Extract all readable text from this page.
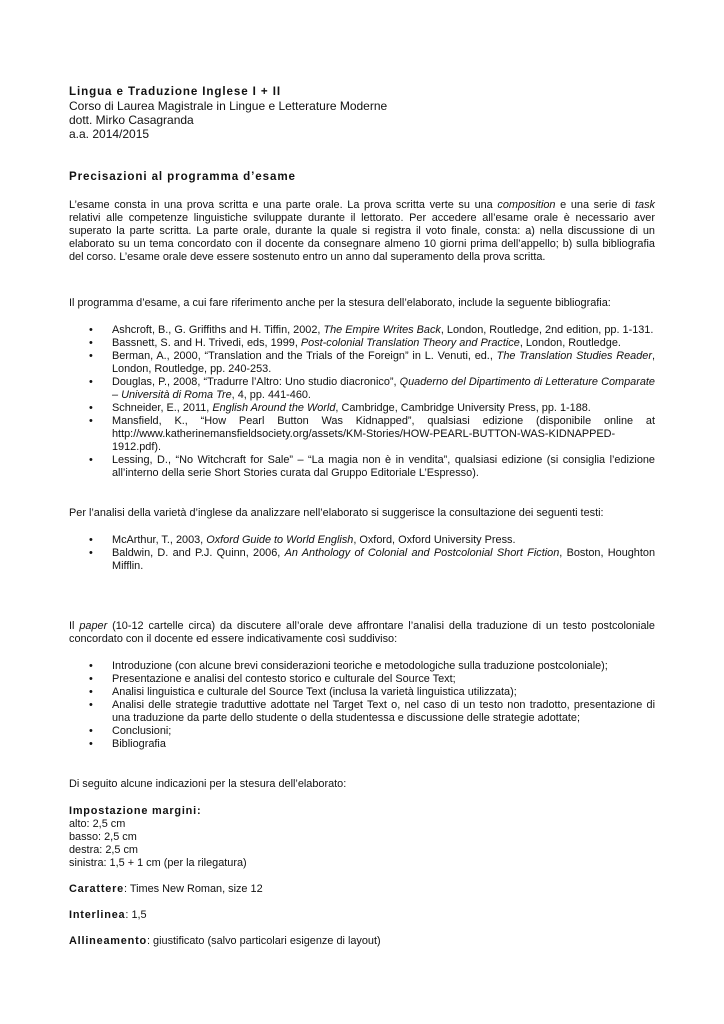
Lingua e Traduzione Inglese I + II
Corso di Laurea Magistrale in Lingue e Letterature Moderne
dott. Mirko Casagranda
a.a. 2014/2015
Precisazioni al programma d’esame

L’esame consta in una prova scritta e una parte orale. La prova scritta verte su una composition e una serie di task relativi alle competenze linguistiche sviluppate durante il lettorato. Per accedere all’esame orale è necessario aver superato la parte scritta. La parte orale, durante la quale si registra il voto finale, consta: a) nella discussione di un elaborato su un tema concordato con il docente da consegnare almeno 10 giorni prima dell’appello; b) sulla bibliografia del corso. L’esame orale deve essere sostenuto entro un anno dal superamento della prova scritta.

Il programma d’esame, a cui fare riferimento anche per la stesura dell’elaborato, include la seguente bibliografia:

• Ashcroft, B., G. Griffiths and H. Tiffin, 2002, The Empire Writes Back, London, Routledge, 2nd edition, pp. 1-131.
• Bassnett, S. and H. Trivedi, eds, 1999, Post-colonial Translation Theory and Practice, London, Routledge.
• Berman, A., 2000, “Translation and the Trials of the Foreign” in L. Venuti, ed., The Translation Studies Reader, London, Routledge, pp. 240-253.
• Douglas, P., 2008, “Tradurre l’Altro: Uno studio diacronico”, Quaderno del Dipartimento di Letterature Comparate – Università di Roma Tre, 4, pp. 441-460.
• Schneider, E., 2011, English Around the World, Cambridge, Cambridge University Press, pp. 1-188.
• Mansfield, K., “How Pearl Button Was Kidnapped”, qualsiasi edizione (disponibile online at http://www.katherinemansfieldsociety.org/assets/KM-Stories/HOW-PEARL-BUTTON-WAS-KIDNAPPED-1912.pdf).
• Lessing, D., “No Witchcraft for Sale” – “La magia non è in vendita”, qualsiasi edizione (si consiglia l’edizione all’interno della serie Short Stories curata dal Gruppo Editoriale L’Espresso).

Per l’analisi della varietà d’inglese da analizzare nell’elaborato si suggerisce la consultazione dei seguenti testi:

• McArthur, T., 2003, Oxford Guide to World English, Oxford, Oxford University Press.
• Baldwin, D. and P.J. Quinn, 2006, An Anthology of Colonial and Postcolonial Short Fiction, Boston, Houghton Mifflin.

Il paper (10-12 cartelle circa) da discutere all’orale deve affrontare l’analisi della traduzione di un testo postcoloniale concordato con il docente ed essere indicativamente così suddiviso:

• Introduzione (con alcune brevi considerazioni teoriche e metodologiche sulla traduzione postcoloniale);
• Presentazione e analisi del contesto storico e culturale del Source Text;
• Analisi linguistica e culturale del Source Text (inclusa la varietà linguistica utilizzata);
• Analisi delle strategie traduttive adottate nel Target Text o, nel caso di un testo non tradotto, presentazione di una traduzione da parte dello studente o della studentessa e discussione delle strategie adottate;
• Conclusioni;
• Bibliografia

Di seguito alcune indicazioni per la stesura dell’elaborato:

Impostazione margini:
alto: 2,5 cm
basso: 2,5 cm
destra: 2,5 cm
sinistra: 1,5 + 1 cm (per la rilegatura)
Carattere: Times New Roman, size 12
Interlinea: 1,5
Allineamento: giustificato (salvo particolari esigenze di layout)
